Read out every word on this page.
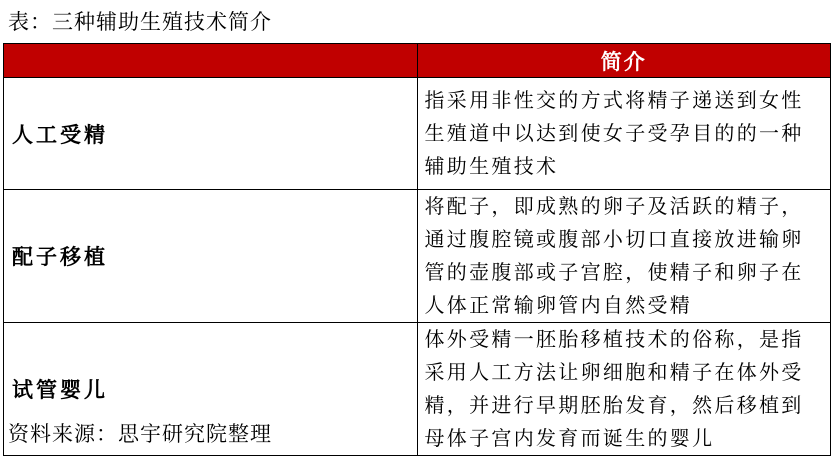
表：三种辅助生殖技术简介
	简介
人工受精	指采用非性交的方式将精子递送到女性生殖道中以达到使女子受孕目的的一种辅助生殖技术
配子移植	将配子，即成熟的卵子及活跃的精子，通过腹腔镜或腹部小切口直接放进输卵管的壶腹部或子宫腔，使精子和卵子在人体正常输卵管内自然受精
试管婴儿	体外受精一胚胎移植技术的俗称，是指采用人工方法让卵细胞和精子在体外受精，并进行早期胚胎发育，然后移植到母体子宫内发育而诞生的婴儿
资料来源：思宇研究院整理
